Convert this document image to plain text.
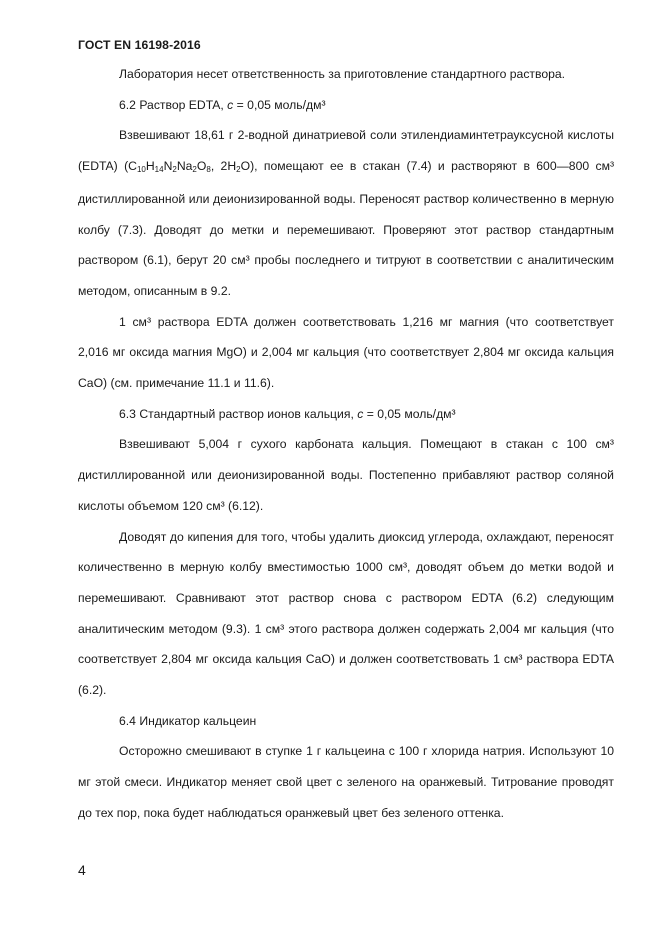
ГОСТ EN 16198-2016

Лаборатория несет ответственность за приготовление стандартного раствора.

6.2 Раствор EDTA, c = 0,05 моль/дм³

Взвешивают 18,61 г 2-водной динатриевой соли этилендиаминтетрауксусной кислоты (EDTA) ($C_{10}H_{14}N_2Na_2O_8$, $2H_2O$), помещают ее в стакан (7.4) и растворяют в 600—800 см³ дистиллированной или деионизированной воды. Переносят раствор количественно в мерную колбу (7.3). Доводят до метки и перемешивают. Проверяют этот раствор стандартным раствором (6.1), берут 20 см³ пробы последнего и титруют в соответствии с аналитическим методом, описанным в 9.2.

1 см³ раствора EDTA должен соответствовать 1,216 мг магния (что соответствует 2,016 мг оксида магния MgO) и 2,004 мг кальция (что соответствует 2,804 мг оксида кальция CaO) (см. примечание 11.1 и 11.6).

6.3 Стандартный раствор ионов кальция, c = 0,05 моль/дм³

Взвешивают 5,004 г сухого карбоната кальция. Помещают в стакан с 100 см³ дистиллированной или деионизированной воды. Постепенно прибавляют раствор соляной кислоты объемом 120 см³ (6.12).

Доводят до кипения для того, чтобы удалить диоксид углерода, охлаждают, переносят количественно в мерную колбу вместимостью 1000 см³, доводят объем до метки водой и перемешивают. Сравнивают этот раствор снова с раствором EDTA (6.2) следующим аналитическим методом (9.3). 1 см³ этого раствора должен содержать 2,004 мг кальция (что соответствует 2,804 мг оксида кальция CaO) и должен соответствовать 1 см³ раствора EDTA (6.2).

6.4 Индикатор кальцеин

Осторожно смешивают в ступке 1 г кальцеина с 100 г хлорида натрия. Используют 10 мг этой смеси. Индикатор меняет свой цвет с зеленого на оранжевый. Титрование проводят до тех пор, пока будет наблюдаться оранжевый цвет без зеленого оттенка.

4
